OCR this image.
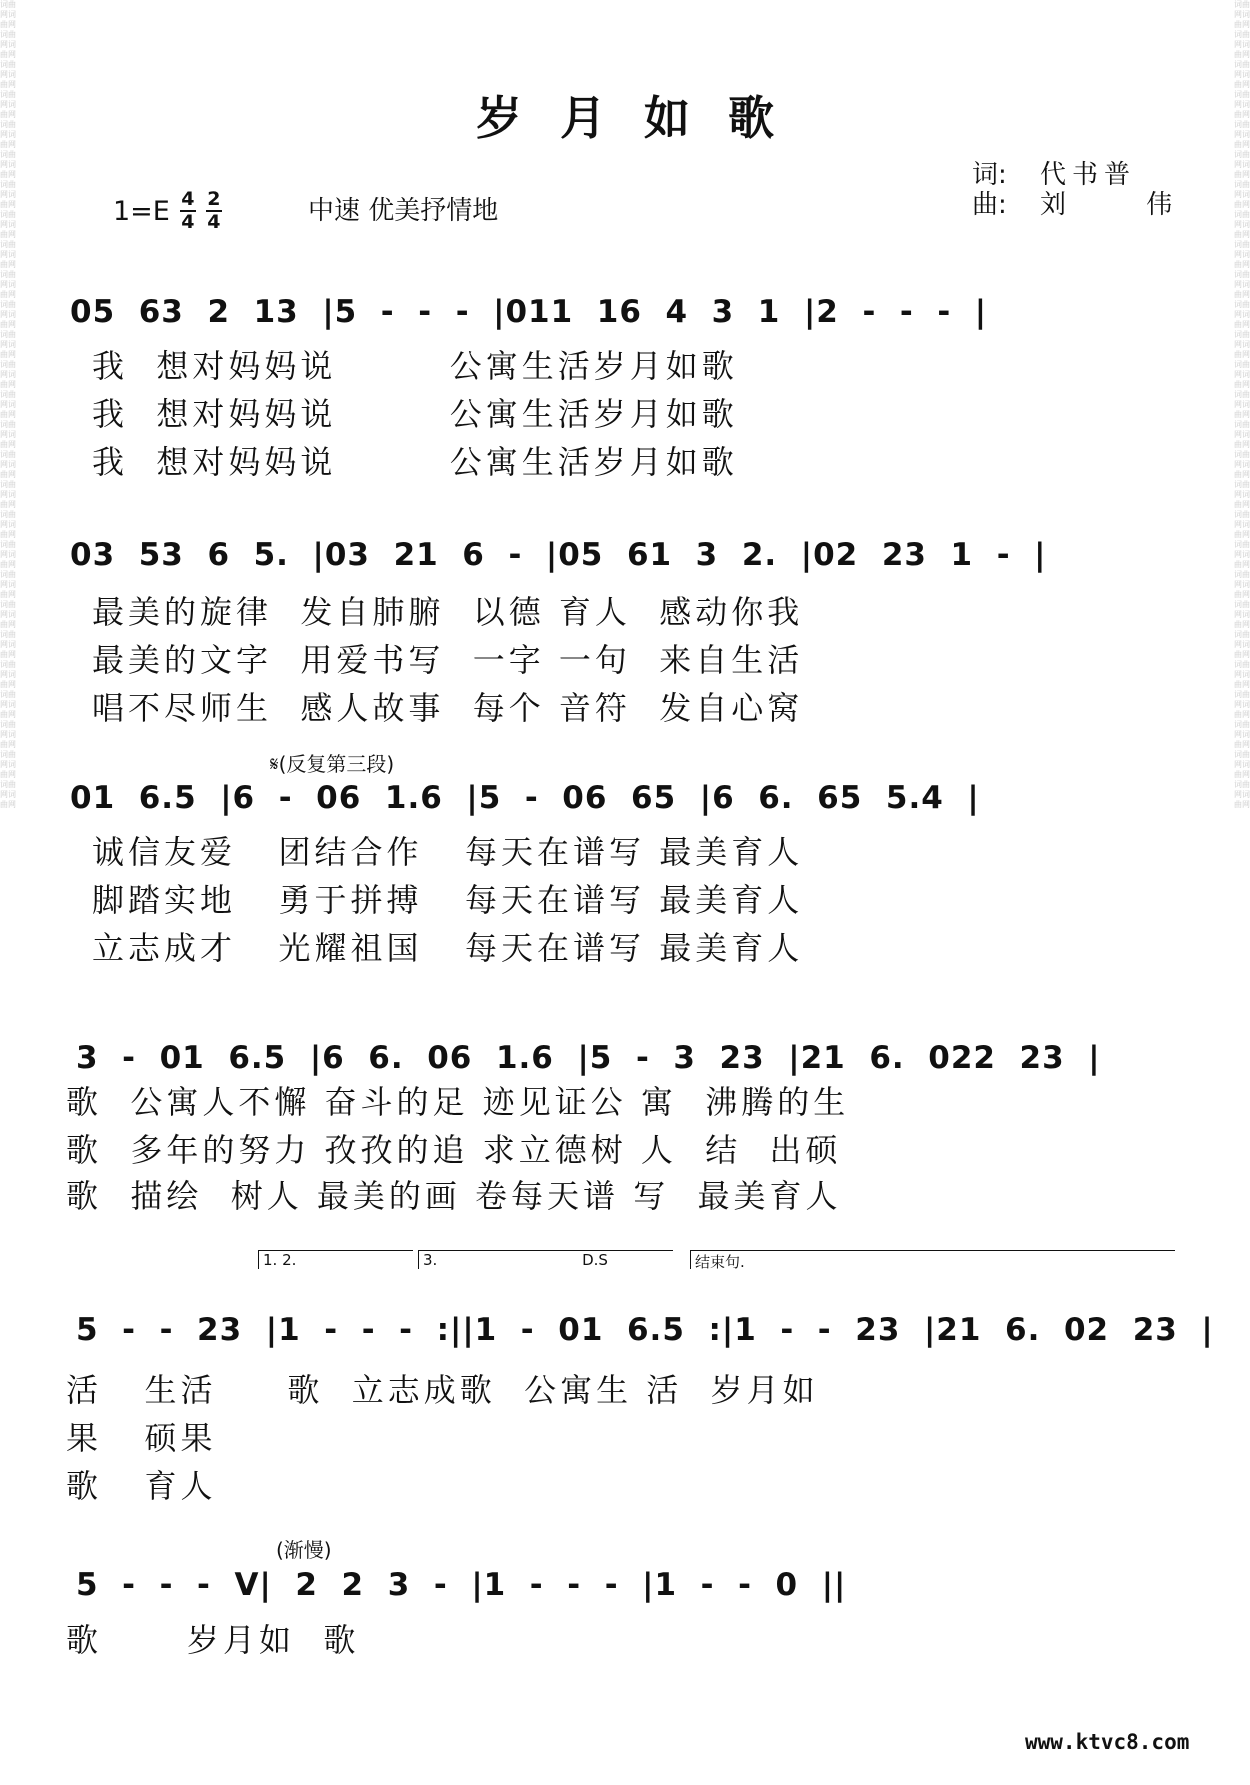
词曲网词曲网词曲网词曲网词曲网词曲网词曲网词曲网词曲网词曲网词曲网词曲网词曲网词曲网词曲网词曲网词曲网词曲网词曲网词曲网词曲网词曲网词曲网词曲网词曲网词曲网词曲网词曲网词曲网词曲网词曲网词曲网词曲网词曲网词曲网词曲网词曲网词曲网词曲网词曲网词曲网词曲网词曲网词曲网词曲网词曲网词曲网词曲网词曲网词曲网词曲网词曲网词曲网词曲网
词曲网词曲网词曲网词曲网词曲网词曲网词曲网词曲网词曲网词曲网词曲网词曲网词曲网词曲网词曲网词曲网词曲网词曲网词曲网词曲网词曲网词曲网词曲网词曲网词曲网词曲网词曲网词曲网词曲网词曲网词曲网词曲网词曲网词曲网词曲网词曲网词曲网词曲网词曲网词曲网词曲网词曲网词曲网词曲网词曲网词曲网词曲网词曲网词曲网词曲网词曲网词曲网词曲网词曲网
岁月如歌
$1=E \frac{4}{4} \frac{2}{4}$	中速 优美抒情地
词:	代书普
曲:	刘 伟
05  63  2  13  |5  -  -  -  |011  16  4  3  1  |2  -  -  -  |
我  想对妈妈说        公寓生活岁月如歌
我  想对妈妈说        公寓生活岁月如歌
我  想对妈妈说        公寓生活岁月如歌
03  53  6  5.  |03  21  6  -  |05  61  3  2.  |02  23  1  -  |
最美的旋律  发自肺腑  以德 育人  感动你我
最美的文字  用爱书写  一字 一句  来自生活
唱不尽师生  感人故事  每个 音符  发自心窝
𝄋(反复第三段)
01  6.5  |6  -  06  1.6  |5  -  06  65  |6  6.  65  5.4  |
诚信友爱   团结合作   每天在谱写 最美育人
脚踏实地   勇于拼搏   每天在谱写 最美育人
立志成才   光耀祖国   每天在谱写 最美育人
3  -  01  6.5  |6  6.  06  1.6  |5  -  3  23  |21  6.  022  23  |
歌  公寓人不懈 奋斗的足 迹见证公 寓  沸腾的生
歌  多年的努力 孜孜的追 求立德树 人  结  出硕
歌  描绘  树人 最美的画 卷每天谱 写  最美育人
1. 2.	3.	D.S	结束句.
5  -  -  23  |1  -  -  -  :||1  -  01  6.5  :|1  -  -  23  |21  6.  02  23  |
活   生活     歌  立志成歌  公寓生 活  岁月如
果   硕果
歌   育人
(渐慢)
5  -  -  -  V|  2  2  3  -  |1  -  -  -  |1  -  -  0  ||
歌      岁月如  歌
www.ktvc8.com
